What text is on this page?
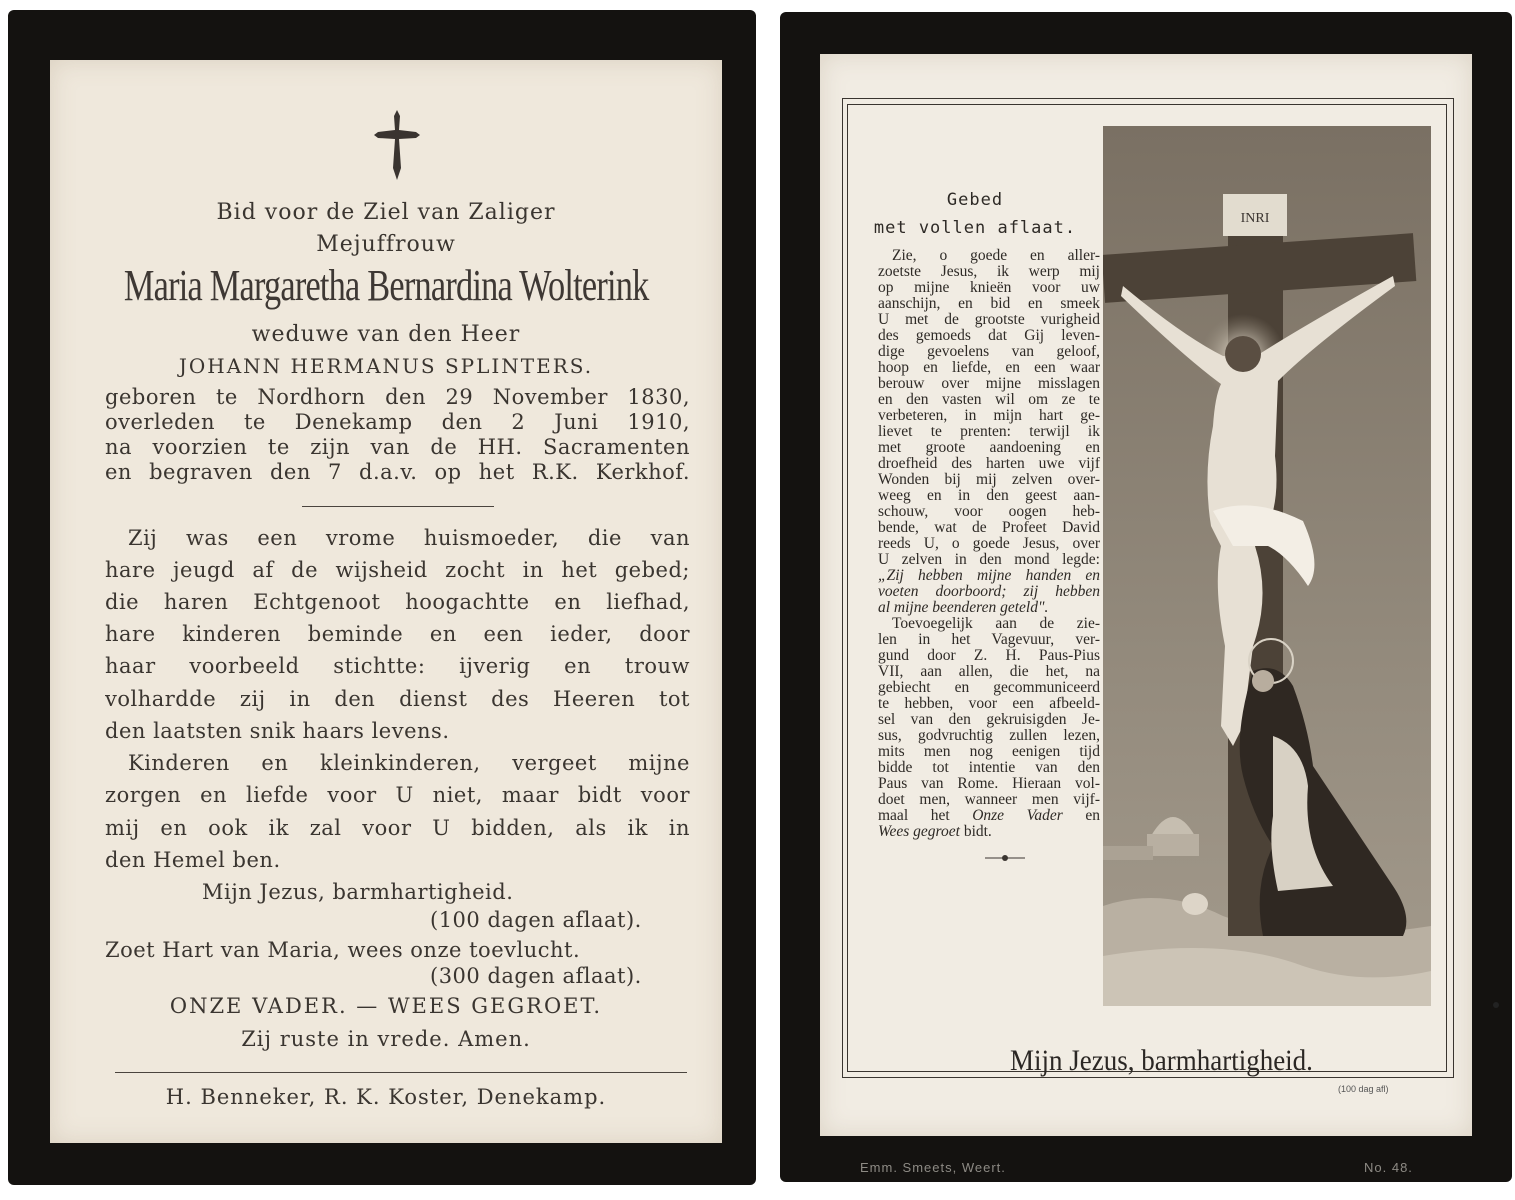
Bid voor de Ziel van Zaliger
Mejuffrouw
Maria Margaretha Bernardina Wolterink
weduwe van den Heer
JOHANN HERMANUS SPLINTERS.
geboren te Nordhorn den 29 November 1830,
overleden te Denekamp den 2 Juni 1910,
na voorzien te zijn van de HH. Sacramenten
en begraven den 7 d.a.v. op het R.K. Kerkhof.
Zij was een vrome huismoeder, die van
hare jeugd af de wijsheid zocht in het gebed;
die haren Echtgenoot hoogachtte en liefhad,
hare kinderen beminde en een ieder, door
haar voorbeeld stichtte: ijverig en trouw
volhardde zij in den dienst des Heeren tot
den laatsten snik haars levens.
Kinderen en kleinkinderen, vergeet mijne
zorgen en liefde voor U niet, maar bidt voor
mij en ook ik zal voor U bidden, als ik in
den Hemel ben.
Mijn Jezus, barmhartigheid.
(100 dagen aflaat).
Zoet Hart van Maria, wees onze toevlucht.
(300 dagen aflaat).
ONZE VADER. — WEES GEGROET.
Zij ruste in vrede. Amen.
H. Benneker, R. K. Koster, Denekamp.
INRI
Gebed
met vollen aflaat.
Zie, o goede en aller-
zoetste Jesus, ik werp mij
op mijne knieën voor uw
aanschijn, en bid en smeek
U met de grootste vurigheid
des gemoeds dat Gij leven-
dige gevoelens van geloof,
hoop en liefde, en een waar
berouw over mijne misslagen
en den vasten wil om ze te
verbeteren, in mijn hart ge-
lievet te prenten: terwijl ik
met groote aandoening en
droefheid des harten uwe vijf
Wonden bij mij zelven over-
weeg en in den geest aan-
schouw, voor oogen heb-
bende, wat de Profeet David
reeds U, o goede Jesus, over
U zelven in den mond legde:
„Zij hebben mijne handen en
voeten doorboord; zij hebben
al mijne beenderen geteld".
Toevoegelijk aan de zie-
len in het Vagevuur, ver-
gund door Z. H. Paus-Pius
VII, aan allen, die het, na
gebiecht en gecommuniceerd
te hebben, voor een afbeeld-
sel van den gekruisigden Je-
sus, godvruchtig zullen lezen,
mits men nog eenigen tijd
bidde tot intentie van den
Paus van Rome. Hieraan vol-
doet men, wanneer men vijf-
maal het Onze Vader en
Wees gegroet bidt.
Mijn Jezus, barmhartigheid.
(100 dag afl)
Emm. Smeets, Weert.	No. 48.
